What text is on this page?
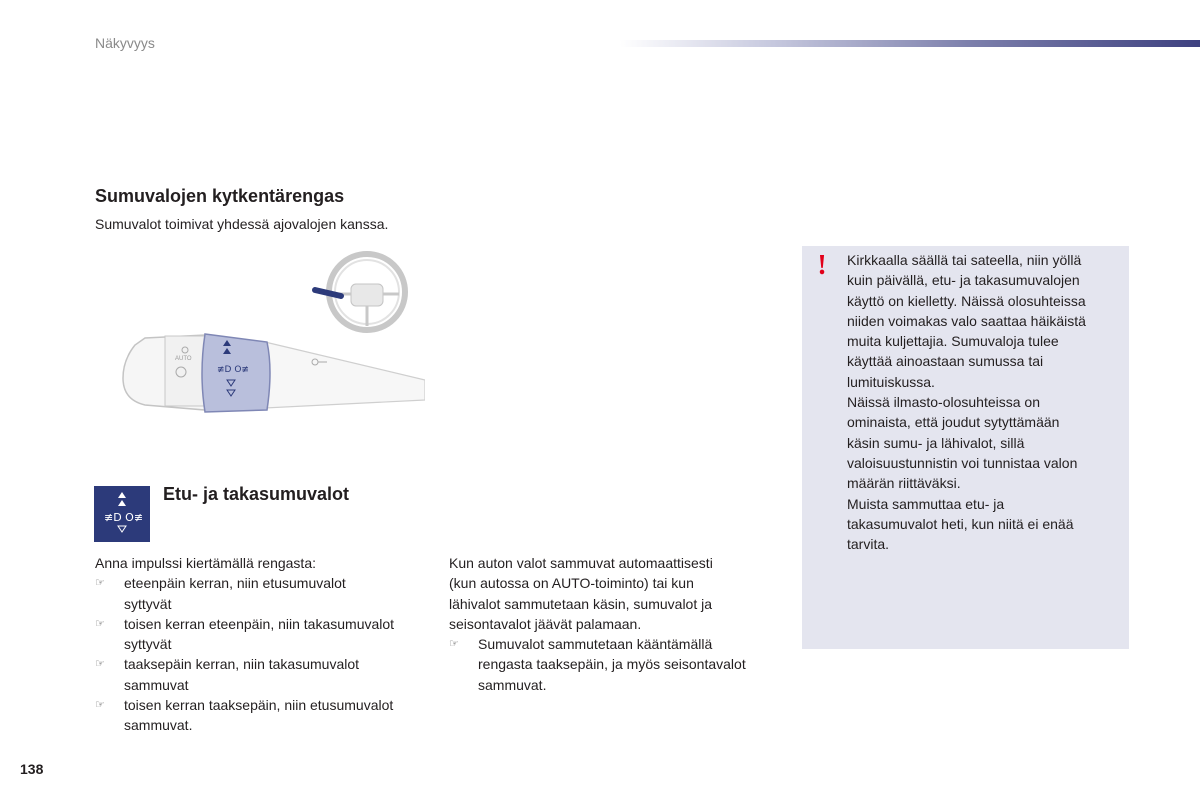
Näkyvyys
Sumuvalojen kytkentärengas

Sumuvalot toimivat yhdessä ajovalojen kanssa.

AUTO
≢D O≢
≢D O≢
Etu- ja takasumuvalot

Anna impulssi kiertämällä rengasta:

☞ eteenpäin kerran, niin etusumuvalot
syttyvät
☞ toisen kerran eteenpäin, niin takasumuvalot
syttyvät
☞ taaksepäin kerran, niin takasumuvalot
sammuvat
☞ toisen kerran taaksepäin, niin etusumuvalot
sammuvat.

Kun auton valot sammuvat automaattisesti
(kun autossa on AUTO-toiminto) tai kun
lähivalot sammutetaan käsin, sumuvalot ja
seisontavalot jäävät palamaan.

☞ Sumuvalot sammutetaan kääntämällä
rengasta taaksepäin, ja myös seisontavalot
sammuvat.
! Kirkkaalla säällä tai sateella, niin yöllä
kuin päivällä, etu- ja takasumuvalojen
käyttö on kielletty. Näissä olosuhteissa
niiden voimakas valo saattaa häikäistä
muita kuljettajia. Sumuvaloja tulee
käyttää ainoastaan sumussa tai
lumituiskussa.
Näissä ilmasto-olosuhteissa on
ominaista, että joudut sytyttämään
käsin sumu- ja lähivalot, sillä
valoisuustunnistin voi tunnistaa valon
määrän riittäväksi.
Muista sammuttaa etu- ja
takasumuvalot heti, kun niitä ei enää
tarvita.

138
